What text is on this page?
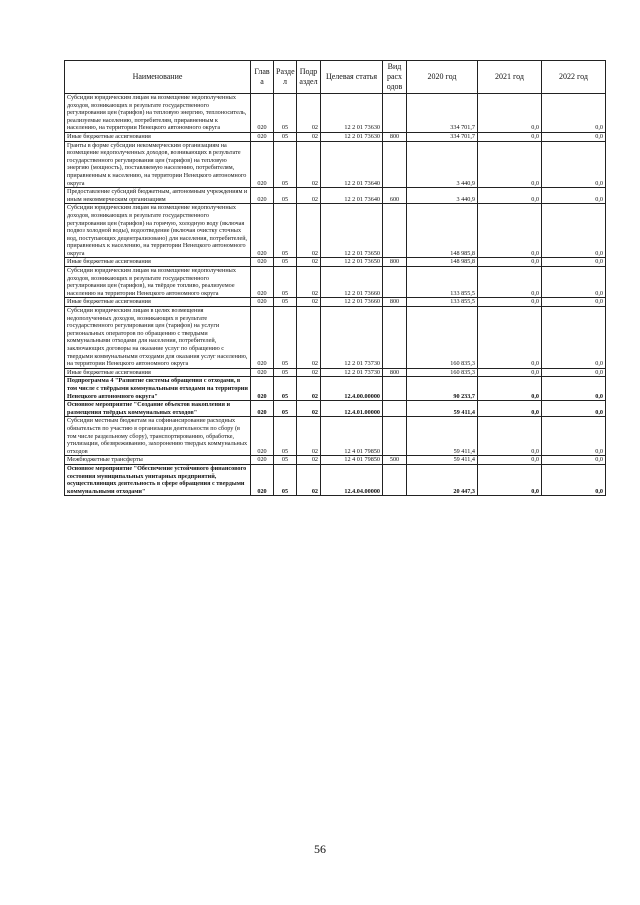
Наименование	Глав а	Разде л	Подр аздел	Целевая статья	Вид расх одов	2020 год	2021 год	2022 год
Субсидии юридическим лицам на возмещение недополученных доходов, возникающих в результате государственного регулирования цен (тарифов) на тепловую энергию, теплоноситель, реализуемые населению, потребителям, приравненным к населению, на территории Ненецкого автономного округа	020	05	02	12 2 01 73630		334 701,7	0,0	0,0
Иные бюджетные ассигнования	020	05	02	12 2 01 73630	800	334 701,7	0,0	0,0
Гранты в форме субсидии некоммерческим организациям на возмещение недополученных доходов, возникающих в результате государственного регулирования цен (тарифов) на тепловую энергию (мощность), поставляемую населению, потребителям, приравненным к населению, на территории Ненецкого автономного округа	020	05	02	12 2 01 73640		3 440,9	0,0	0,0
Предоставление субсидий бюджетным, автономным учреждениям и иным некоммерческим организациям	020	05	02	12 2 01 73640	600	3 440,9	0,0	0,0
Субсидии юридическим лицам на возмещение недополученных доходов, возникающих в результате государственного регулирования цен (тарифов) на горячую, холодную воду (включая подвоз холодной воды), водоотведение (включая очистку сточных вод, поступающих децентрализовано) для населения, потребителей, приравненных к населению, на территории Ненецкого автономного округа	020	05	02	12 2 01 73650		148 985,8	0,0	0,0
Иные бюджетные ассигнования	020	05	02	12 2 01 73650	800	148 985,8	0,0	0,0
Субсидии юридическим лицам на возмещение недополученных доходов, возникающих в результате государственного регулирования цен (тарифов), на твёрдое топливо, реализуемое населению на территории Ненецкого автономного округа	020	05	02	12 2 01 73660		133 855,5	0,0	0,0
Иные бюджетные ассигнования	020	05	02	12 2 01 73660	800	133 855,5	0,0	0,0
Субсидии юридическим лицам в целях возмещения недополученных доходов, возникающих в результате государственного регулирования цен (тарифов) на услуги региональных операторов по обращению с твердыми коммунальными отходами для населения, потребителей, заключающих договоры на оказание услуг по обращению с твердыми коммунальными отходами для оказания услуг населению, на территории Ненецкого автономного округа	020	05	02	12 2 01 73730		160 835,3	0,0	0,0
Иные бюджетные ассигнования	020	05	02	12 2 01 73730	800	160 835,3	0,0	0,0
Подпрограмма 4 "Развитие системы обращения с отходами, в том числе с твёрдыми коммунальными отходами на территории Ненецкого автономного округа"	020	05	02	12.4.00.00000		90 233,7	0,0	0,0
Основное мероприятие "Создание объектов накопления и размещения твёрдых коммунальных отходов"	020	05	02	12.4.01.00000		59 411,4	0,0	0,0
Субсидии местным бюджетам на софинансирование расходных обязательств по участию в организации деятельности по сбору (в том числе раздельному сбору), транспортированию, обработке, утилизации, обезвреживанию, захоронению твердых коммунальных отходов	020	05	02	12 4 01 79850		59 411,4	0,0	0,0
Межбюджетные трансферты	020	05	02	12 4 01 79850	500	59 411,4	0,0	0,0
Основное мероприятие "Обеспечение устойчивого финансового состояния муниципальных унитарных предприятий, осуществляющих деятельность в сфере обращения с твердыми коммунальными отходами"	020	05	02	12.4.04.00000		20 447,3	0,0	0,0
56
